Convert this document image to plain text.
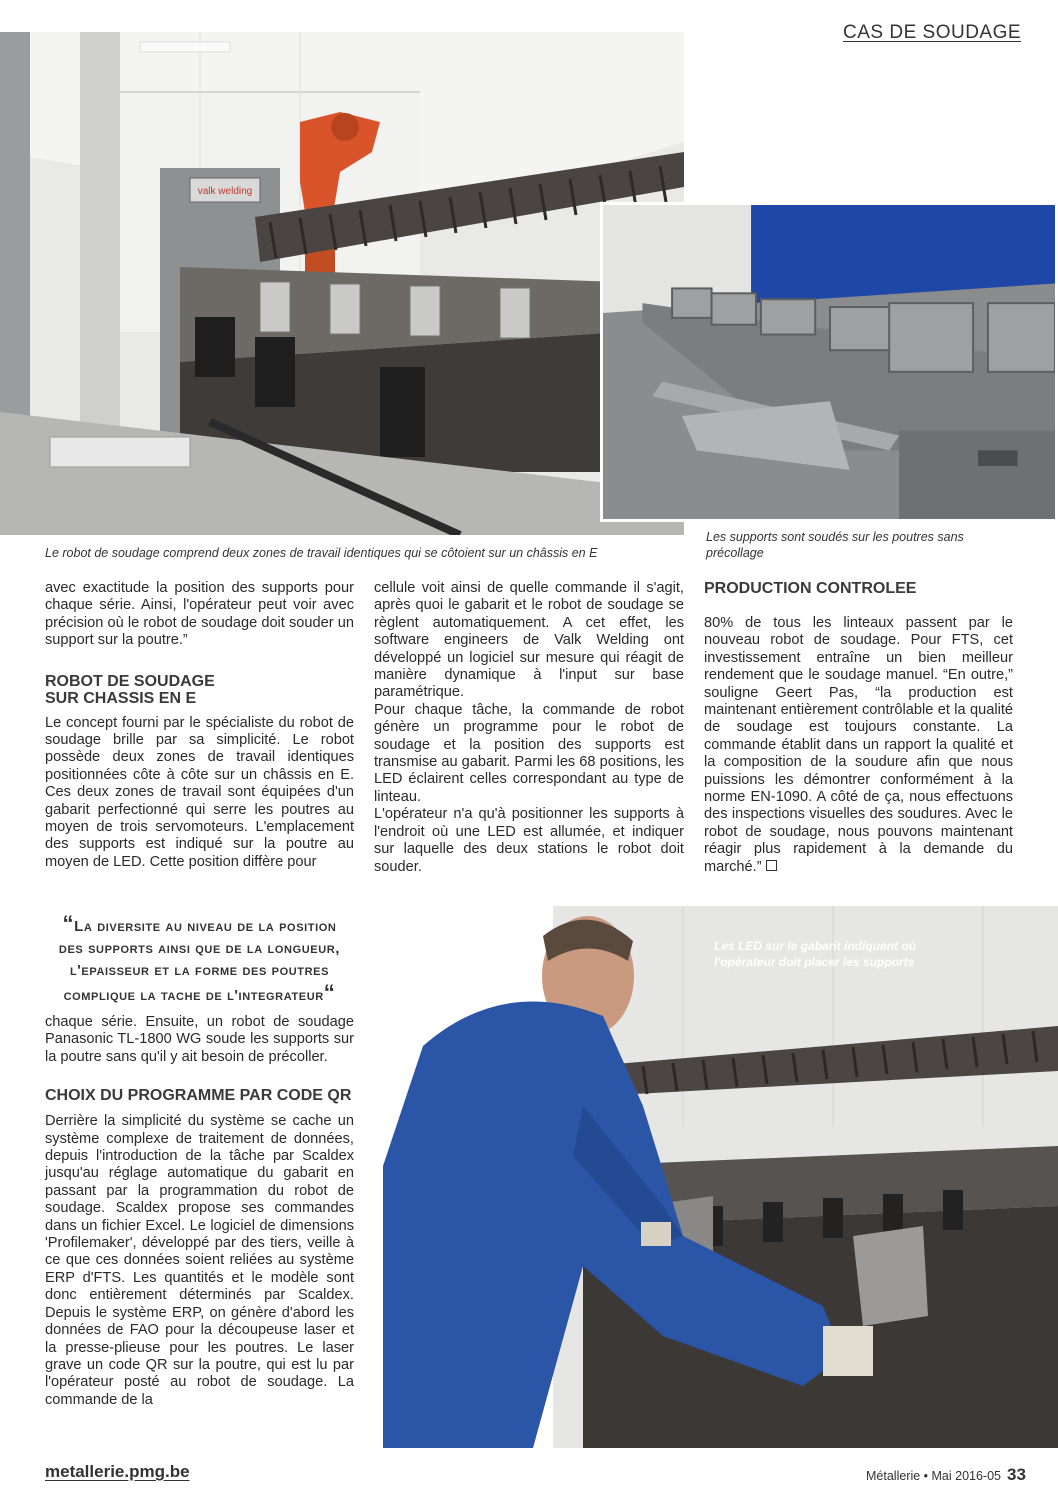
CAS DE SOUDAGE
valk welding
Le robot de soudage comprend deux zones de travail identiques qui se côtoient sur un châssis en E
Les supports sont soudés sur les poutres sans précollage

avec exactitude la position des supports pour chaque série. Ainsi, l'opérateur peut voir avec précision où le robot de soudage doit souder un support sur la poutre.”

ROBOT DE SOUDAGE

SUR CHASSIS EN E

Le concept fourni par le spécialiste du robot de soudage brille par sa simplicité. Le robot possède deux zones de travail identiques positionnées côte à côte sur un châssis en E. Ces deux zones de travail sont équipées d'un gabarit perfectionné qui serre les poutres au moyen de trois servomoteurs. L'emplacement des supports est indiqué sur la poutre au moyen de LED. Cette position diffère pour

“La diversite au niveau de la position
des supports ainsi que de la longueur,
l'epaisseur et la forme des poutres
complique la tache de l'integrateur“

chaque série. Ensuite, un robot de soudage Panasonic TL-1800 WG soude les supports sur la poutre sans qu'il y ait besoin de précoller.

CHOIX DU PROGRAMME PAR CODE QR

Derrière la simplicité du système se cache un système complexe de traitement de données, depuis l'introduction de la tâche par Scaldex jusqu'au réglage automatique du gabarit en passant par la programmation du robot de soudage. Scaldex propose ses commandes dans un fichier Excel. Le logiciel de dimensions 'Profilemaker', développé par des tiers, veille à ce que ces données soient reliées au système ERP d'FTS. Les quantités et le modèle sont donc entièrement déterminés par Scaldex. Depuis le système ERP, on génère d'abord les données de FAO pour la découpeuse laser et la presse-plieuse pour les poutres. Le laser grave un code QR sur la poutre, qui est lu par l'opérateur posté au robot de soudage. La commande de la

cellule voit ainsi de quelle commande il s'agit, après quoi le gabarit et le robot de soudage se règlent automatiquement. A cet effet, les software engineers de Valk Welding ont développé un logiciel sur mesure qui réagit de manière dynamique à l'input sur base paramétrique.

Pour chaque tâche, la commande de robot génère un programme pour le robot de soudage et la position des supports est transmise au gabarit. Parmi les 68 positions, les LED éclairent celles correspondant au type de linteau.

L'opérateur n'a qu'à positionner les supports à l'endroit où une LED est allumée, et indiquer sur laquelle des deux stations le robot doit souder.

PRODUCTION CONTROLEE

80% de tous les linteaux passent par le nouveau robot de soudage. Pour FTS, cet investissement entraîne un bien meilleur rendement que le soudage manuel. “En outre,” souligne Geert Pas, “la production est maintenant entièrement contrôlable et la qualité de soudage est toujours constante. La commande établit dans un rapport la qualité et la composition de la soudure afin que nous puissions les démontrer conformément à la norme EN-1090. A côté de ça, nous effectuons des inspections visuelles des soudures. Avec le robot de soudage, nous pouvons maintenant réagir plus rapidement à la demande du marché.”

Les LED sur le gabarit indiquent où
l'opérateur doit placer les supports
metallerie.pmg.be	Métallerie • Mai 2016-05 33
